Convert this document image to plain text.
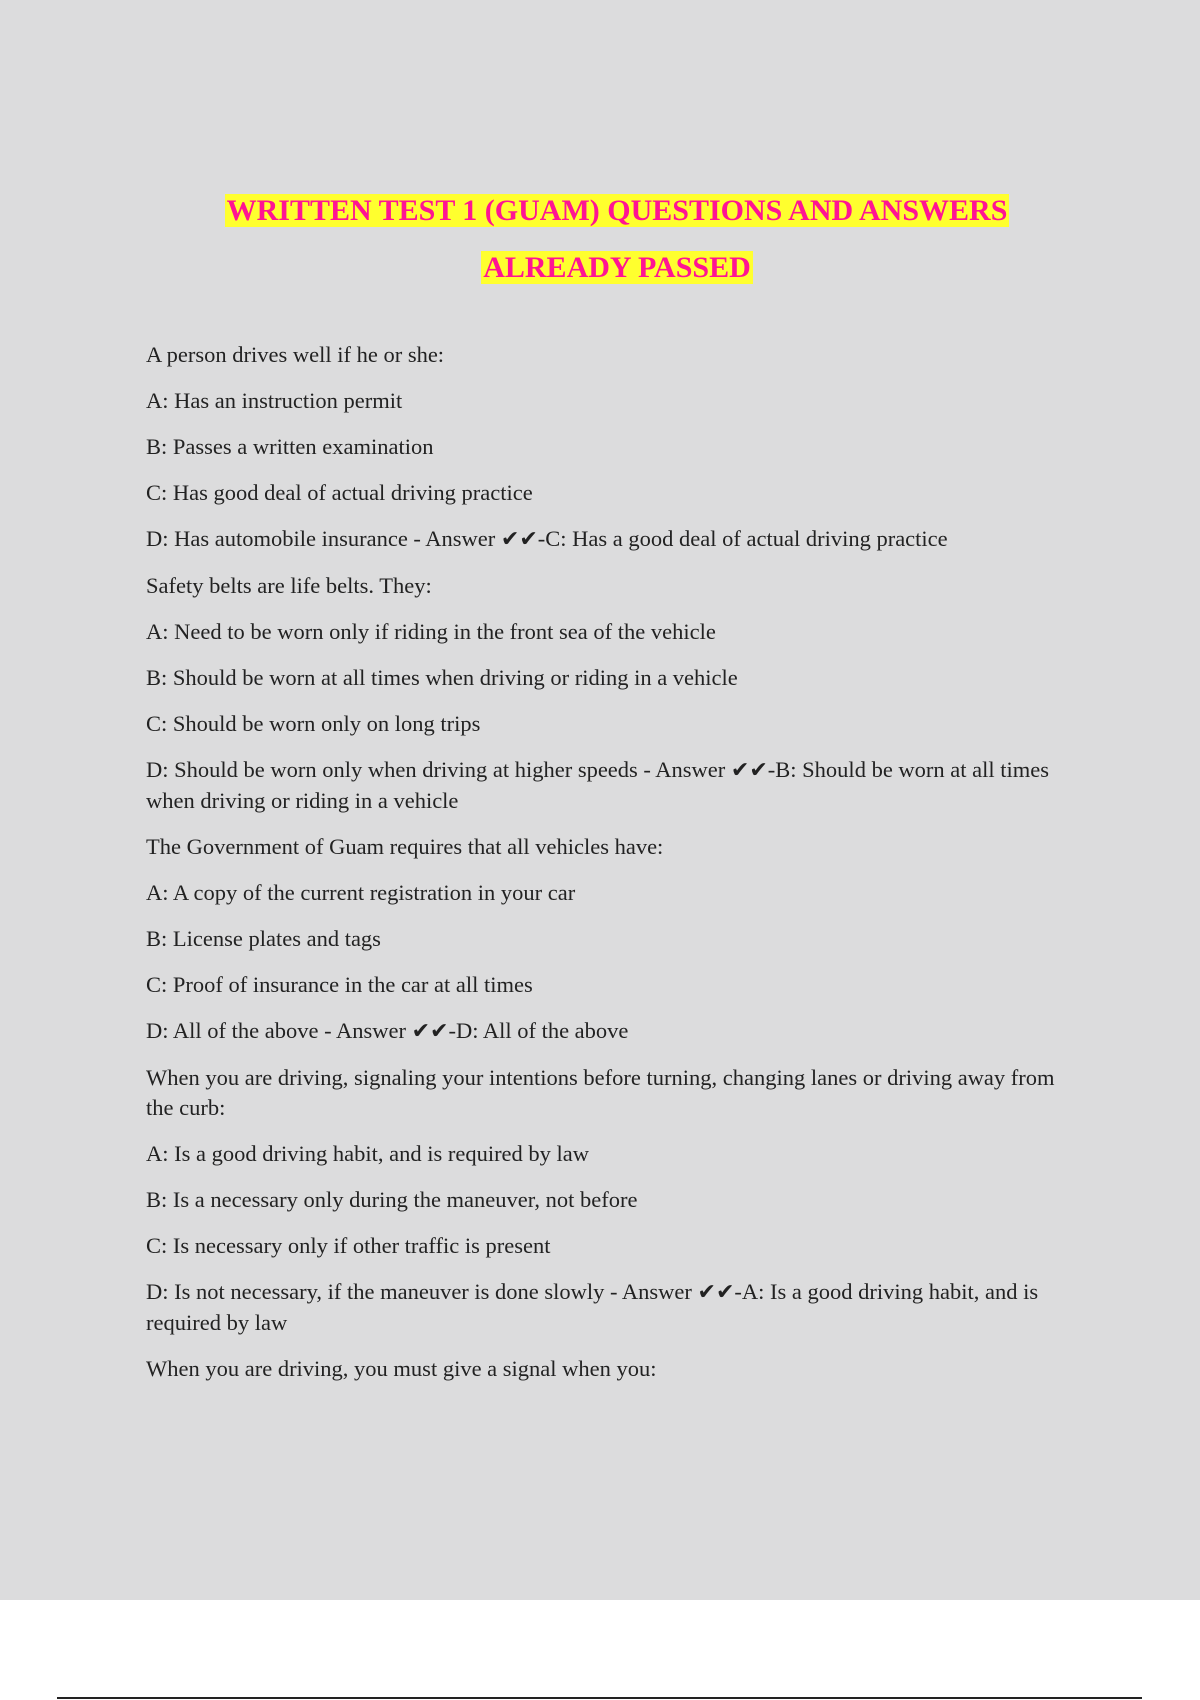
WRITTEN TEST 1 (GUAM) QUESTIONS AND ANSWERS
ALREADY PASSED
A person drives well if he or she:
A: Has an instruction permit
B: Passes a written examination
C: Has good deal of actual driving practice
D: Has automobile insurance - Answer ✔✔-C: Has a good deal of actual driving practice
Safety belts are life belts. They:
A: Need to be worn only if riding in the front sea of the vehicle
B: Should be worn at all times when driving or riding in a vehicle
C: Should be worn only on long trips
D: Should be worn only when driving at higher speeds - Answer ✔✔-B: Should be worn at all times when driving or riding in a vehicle
The Government of Guam requires that all vehicles have:
A: A copy of the current registration in your car
B: License plates and tags
C: Proof of insurance in the car at all times
D: All of the above - Answer ✔✔-D: All of the above
When you are driving, signaling your intentions before turning, changing lanes or driving away from the curb:
A: Is a good driving habit, and is required by law
B: Is a necessary only during the maneuver, not before
C: Is necessary only if other traffic is present
D: Is not necessary, if the maneuver is done slowly - Answer ✔✔-A: Is a good driving habit, and is required by law
When you are driving, you must give a signal when you:
